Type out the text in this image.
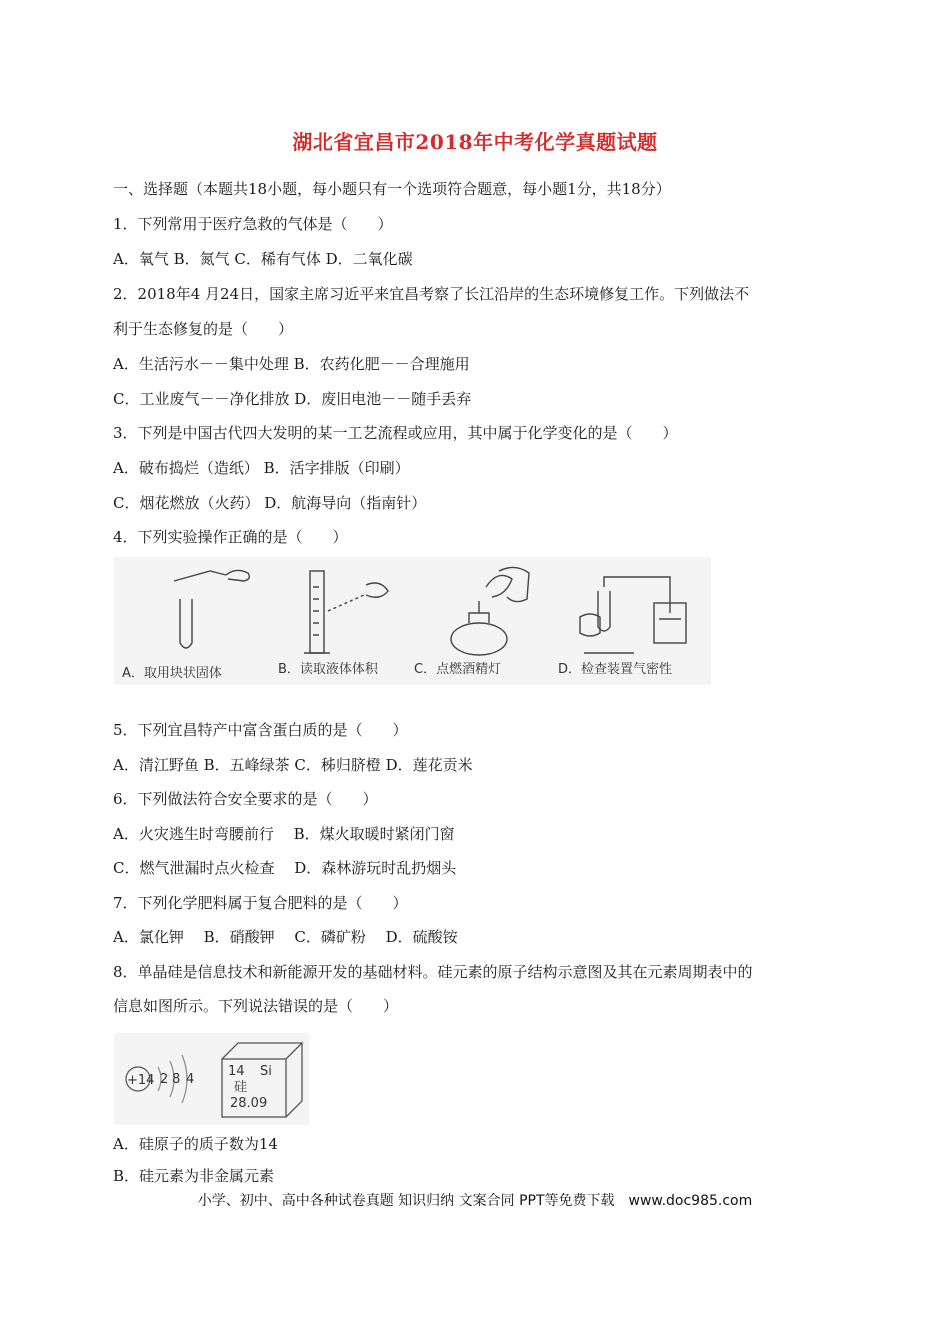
湖北省宜昌市2018年中考化学真题试题
一、选择题（本题共18小题，每小题只有一个选项符合题意，每小题1分，共18分）
1．下列常用于医疗急救的气体是（　　）
A．氧气 B．氮气 C．稀有气体 D．二氧化碳
2．2018年4 月24日，国家主席习近平来宜昌考察了长江沿岸的生态环境修复工作。下列做法不
利于生态修复的是（　　）
A．生活污水－－集中处理 B．农药化肥－－合理施用
C．工业废气－－净化排放 D．废旧电池－－随手丢弃
3．下列是中国古代四大发明的某一工艺流程或应用，其中属于化学变化的是（　　）
A．破布捣烂（造纸） B．活字排版（印刷）
C．烟花燃放（火药） D．航海导向（指南针）
4．下列实验操作正确的是（　　）
A．取用块状固体	B．读取液体体积	C．点燃酒精灯	D．检查装置气密性
5．下列宜昌特产中富含蛋白质的是（　　）
A．清江野鱼 B．五峰绿茶 C．秭归脐橙 D．莲花贡米
6．下列做法符合安全要求的是（　　）
A．火灾逃生时弯腰前行　 B．煤火取暖时紧闭门窗
C．燃气泄漏时点火检查　 D．森林游玩时乱扔烟头
7．下列化学肥料属于复合肥料的是（　　）
A．氯化钾　 B．硝酸钾　 C．磷矿粉　 D．硫酸铵
8．单晶硅是信息技术和新能源开发的基础材料。硅元素的原子结构示意图及其在元素周期表中的
信息如图所示。下列说法错误的是（　　）
+14 2 8 4
14 Si
硅
28.09
A．硅原子的质子数为14
B．硅元素为非金属元素
小学、初中、高中各种试卷真题 知识归纳 文案合同 PPT等免费下载　www.doc985.com
